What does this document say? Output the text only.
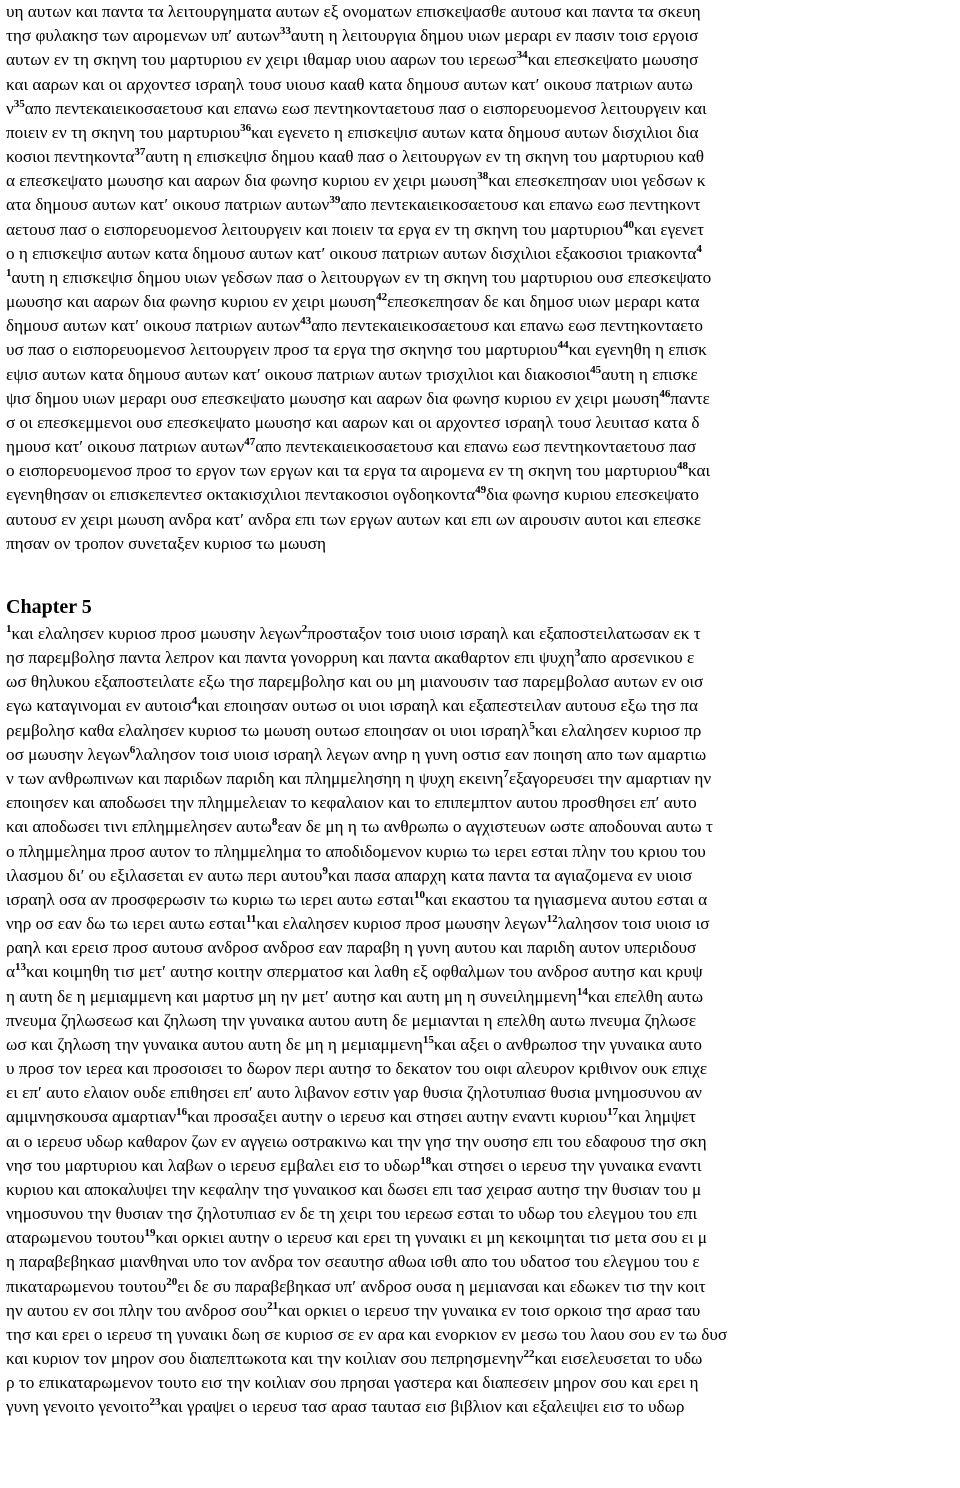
υη αυτων και παντα τα λειτουργηματα αυτων εξ ονοματων επισκεψασθε αυτουσ και παντα τα σκευη
τησ φυλακησ των αιρομενων υπ′ αυτων$^{33}$αυτη η λειτουργια δημου υιων μεραρι εν πασιν τοισ εργοισ
αυτων εν τη σκηνη του μαρτυριου εν χειρι ιθαμαρ υιου ααρων του ιερεωσ$^{34}$και επεσκεψατο μωυσησ
και ααρων και οι αρχοντεσ ισραηλ τουσ υιουσ κααθ κατα δημουσ αυτων κατ′ οικουσ πατριων αυτω
$\nu^{35}\alpha\pi o$ πεντεκαιεικοσαετουσ και επανω εωσ πεντηκονταετουσ πασ ο εισπορευομενοσ λειτουργειν και
ποιειν εν τη σκηνη του μαρτυριου$^{36}$και εγενετο η επισκεψισ αυτων κατα δημουσ αυτων δισχιλιοι δια
κοσιοι πεντηκοντα$^{37}$αυτη η επισκεψισ δημου κααθ πασ ο λειτουργων εν τη σκηνη του μαρτυριου καθ
α επεσκεψατο μωυσησ και ααρων δια φωνησ κυριου εν χειρι μωυση$^{38}$και επεσκεπησαν υιοι γεδσων κ
ατα δημουσ αυτων κατ′ οικουσ πατριων αυτων$^{39}$απο πεντεκαιεικοσαετουσ και επανω εωσ πεντηκοντ
αετουσ πασ ο εισπορευομενοσ λειτουργειν και ποιειν τα εργα εν τη σκηνη του μαρτυριου$^{40}$και εγενετ
ο η επισκεψισ αυτων κατα δημουσ αυτων κατ′ οικουσ πατριων αυτων δισχιλιοι εξακοσιοι τριακοντα$^4$
$^1$αυτη η επισκεψισ δημου υιων γεδσων πασ ο λειτουργων εν τη σκηνη του μαρτυριου ουσ επεσκεψατο
μωυσησ και ααρων δια φωνησ κυριου εν χειρι μωυση$^{42}$επεσκεπησαν δε και δημοσ υιων μεραρι κατα
δημουσ αυτων κατ′ οικουσ πατριων αυτων$^{43}$απο πεντεκαιεικοσαετουσ και επανω εωσ πεντηκονταετο
υσ πασ ο εισπορευομενοσ λειτουργειν προσ τα εργα τησ σκηνησ του μαρτυριου$^{44}$και εγενηθη η επισκ
εψισ αυτων κατα δημουσ αυτων κατ′ οικουσ πατριων αυτων τρισχιλιοι και διακοσιοι$^{45}$αυτη η επισκε
ψισ δημου υιων μεραρι ουσ επεσκεψατο μωυσησ και ααρων δια φωνησ κυριου εν χειρι μωυση$^{46}$παντε
σ οι επεσκεμμενοι ουσ επεσκεψατο μωυσησ και ααρων και οι αρχοντεσ ισραηλ τουσ λευιτασ κατα δ
ημουσ κατ′ οικουσ πατριων αυτων$^{47}$απο πεντεκαιεικοσαετουσ και επανω εωσ πεντηκονταετουσ πασ
ο εισπορευομενοσ προσ το εργον των εργων και τα εργα τα αιρομενα εν τη σκηνη του μαρτυριου$^{48}$και
εγενηθησαν οι επισκεπεντεσ οκτακισχιλιοι πεντακοσιοι ογδοηκοντα$^{49}$δια φωνησ κυριου επεσκεψατο
αυτουσ εν χειρι μωυση ανδρα κατ′ ανδρα επι των εργων αυτων και επι ων αιρουσιν αυτοι και επεσκε
πησαν ον τροπον συνεταξεν κυριοσ τω μωυση
Chapter 5
$^1$και ελαλησεν κυριοσ προσ μωυσην λεγων$^2$προσταξον τοισ υιοισ ισραηλ και εξαποστειλατωσαν εκ τ
ησ παρεμβολησ παντα λεπρον και παντα γονορρυη και παντα ακαθαρτον επι ψυχη$^3$απο αρσενικου ε
ωσ θηλυκου εξαποστειλατε εξω τησ παρεμβολησ και ου μη μιανουσιν τασ παρεμβολασ αυτων εν οισ
εγω καταγινομαι εν αυτοισ$^4$και εποιησαν ουτωσ οι υιοι ισραηλ και εξαπεστειλαν αυτουσ εξω τησ πα
ρεμβολησ καθα ελαλησεν κυριοσ τω μωυση ουτωσ εποιησαν οι υιοι ισραηλ$^5$και ελαλησεν κυριοσ πρ
οσ μωυσην λεγων$^6$λαλησον τοισ υιοισ ισραηλ λεγων ανηρ η γυνη οστισ εαν ποιηση απο των αμαρτιω
ν των ανθρωπινων και παριδων παριδη και πλημμελησηη η ψυχη εκεινη$^7$εξαγορευσει την αμαρτιαν ην
εποιησεν και αποδωσει την πλημμελειαν το κεφαλαιον και το επιπεμπτον αυτου προσθησει επ′ αυτο
και αποδωσει τινι επλημμελησεν αυτω$^8$εαν δε μη η τω ανθρωπω ο αγχιστευων ωστε αποδουναι αυτω τ
ο πλημμελημα προσ αυτον το πλημμελημα το αποδιδομενον κυριω τω ιερει εσται πλην του κριου του
ιλασμου δι′ ου εξιλασεται εν αυτω περι αυτου$^9$και πασα απαρχη κατα παντα τα αγιαζομενα εν υιοισ
ισραηλ οσα αν προσφερωσιν τω κυριω τω ιερει αυτω εσται$^{10}$και εκαστου τα ηγιασμενα αυτου εσται α
νηρ οσ εαν δω τω ιερει αυτω εσται$^{11}$και ελαλησεν κυριοσ προσ μωυσην λεγων$^{12}$λαλησον τοισ υιοισ ισ
ραηλ και ερεισ προσ αυτουσ ανδροσ ανδροσ εαν παραβη η γυνη αυτου και παριδη αυτον υπεριδουσ
$\alpha^{13}\kappa\alpha\iota$ κοιμηθη τισ μετ′ αυτησ κοιτην σπερματοσ και λαθη εξ οφθαλμων του ανδροσ αυτησ και κρυψ
η αυτη δε η μεμιαμμενη και μαρτυσ μη ην μετ′ αυτησ και αυτη μη η συνειλημμενη$^{14}$και επελθη αυτω
πνευμα ζηλωσεωσ και ζηλωση την γυναικα αυτου αυτη δε μεμιανται η επελθη αυτω πνευμα ζηλωσε
ωσ και ζηλωση την γυναικα αυτου αυτη δε μη η μεμιαμμενη$^{15}$και αξει ο ανθρωποσ την γυναικα αυτο
υ προσ τον ιερεα και προσοισει το δωρον περι αυτησ το δεκατον του οιφι αλευρον κριθινον ουκ επιχε
ει επ′ αυτο ελαιον ουδε επιθησει επ′ αυτο λιβανον εστιν γαρ θυσια ζηλοτυπιασ θυσια μνημοσυνου αν
αμιμνησκουσα αμαρτιαν$^{16}$και προσαξει αυτην ο ιερευσ και στησει αυτην εναντι κυριου$^{17}$και λημψετ
αι ο ιερευσ υδωρ καθαρον ζων εν αγγειω οστρακινω και την γησ την ουσησ επι του εδαφουσ τησ σκη
νησ του μαρτυριου και λαβων ο ιερευσ εμβαλει εισ το υδωρ$^{18}$και στησει ο ιερευσ την γυναικα εναντι
κυριου και αποκαλυψει την κεφαλην τησ γυναικοσ και δωσει επι τασ χειρασ αυτησ την θυσιαν του μ
νημοσυνου την θυσιαν τησ ζηλοτυπιασ εν δε τη χειρι του ιερεωσ εσται το υδωρ του ελεγμου του επι
αταρωμενου τουτου$^{19}$και ορκιει αυτην ο ιερευσ και ερει τη γυναικι ει μη κεκοιμηται τισ μετα σου ει μ
η παραβεβηκασ μιανθηναι υπο τον ανδρα τον σεαυτησ αθωα ισθι απο του υδατοσ του ελεγμου του ε
πικαταρωμενου τουτου$^{20}$ει δε συ παραβεβηκασ υπ′ ανδροσ ουσα η μεμιανσαι και εδωκεν τισ την κοιτ
ην αυτου εν σοι πλην του ανδροσ σου$^{21}$και ορκιει ο ιερευσ την γυναικα εν τοισ ορκοισ τησ αρασ ταυ
τησ και ερει ο ιερευσ τη γυναικι δωη σε κυριοσ σε εν αρα και ενορκιον εν μεσω του λαου σου εν τω δυσ
και κυριον τον μηρον σου διαπεπτωκοτα και την κοιλιαν σου πεπρησμενην$^{22}$και εισελευσεται το υδω
ρ το επικαταρωμενον τουτο εισ την κοιλιαν σου πρησαι γαστερα και διαπεσειν μηρον σου και ερει η
γυνη γενοιτο γενοιτο$^{23}$και γραψει ο ιερευσ τασ αρασ ταυτασ εισ βιβλιον και εξαλειψει εισ το υδωρ
